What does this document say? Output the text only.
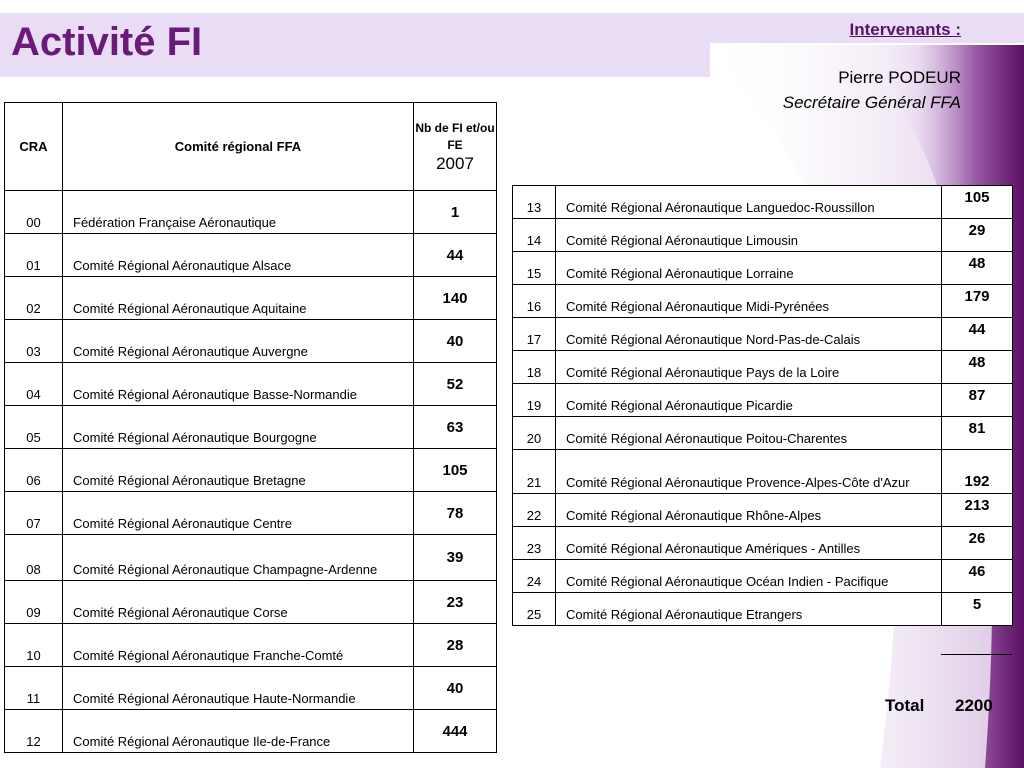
Activité FI	Intervenants :
Pierre PODEUR
Secrétaire Général FFA
CRA	Comité régional FFA	Nb de FI et/ou FE
2007

00	Fédération Française Aéronautique	1
01	Comité Régional Aéronautique Alsace	44
02	Comité Régional Aéronautique Aquitaine	140
03	Comité Régional Aéronautique Auvergne	40
04	Comité Régional Aéronautique Basse-Normandie	52
05	Comité Régional Aéronautique Bourgogne	63
06	Comité Régional Aéronautique Bretagne	105
07	Comité Régional Aéronautique Centre	78
08	Comité Régional Aéronautique Champagne-Ardenne	39
09	Comité Régional Aéronautique Corse	23
10	Comité Régional Aéronautique Franche-Comté	28
11	Comité Régional Aéronautique Haute-Normandie	40
12	Comité Régional Aéronautique Ile-de-France	444
13	Comité Régional Aéronautique Languedoc-Roussillon	105
14	Comité Régional Aéronautique Limousin	29
15	Comité Régional Aéronautique Lorraine	48
16	Comité Régional Aéronautique Midi-Pyrénées	179
17	Comité Régional Aéronautique Nord-Pas-de-Calais	44
18	Comité Régional Aéronautique Pays de la Loire	48
19	Comité Régional Aéronautique Picardie	87
20	Comité Régional Aéronautique Poitou-Charentes	81
21	Comité Régional Aéronautique Provence-Alpes-Côte d'Azur	192
22	Comité Régional Aéronautique Rhône-Alpes	213
23	Comité Régional Aéronautique Amériques - Antilles	26
24	Comité Régional Aéronautique Océan Indien - Pacifique	46
25	Comité Régional Aéronautique Etrangers	5
Total 2200
